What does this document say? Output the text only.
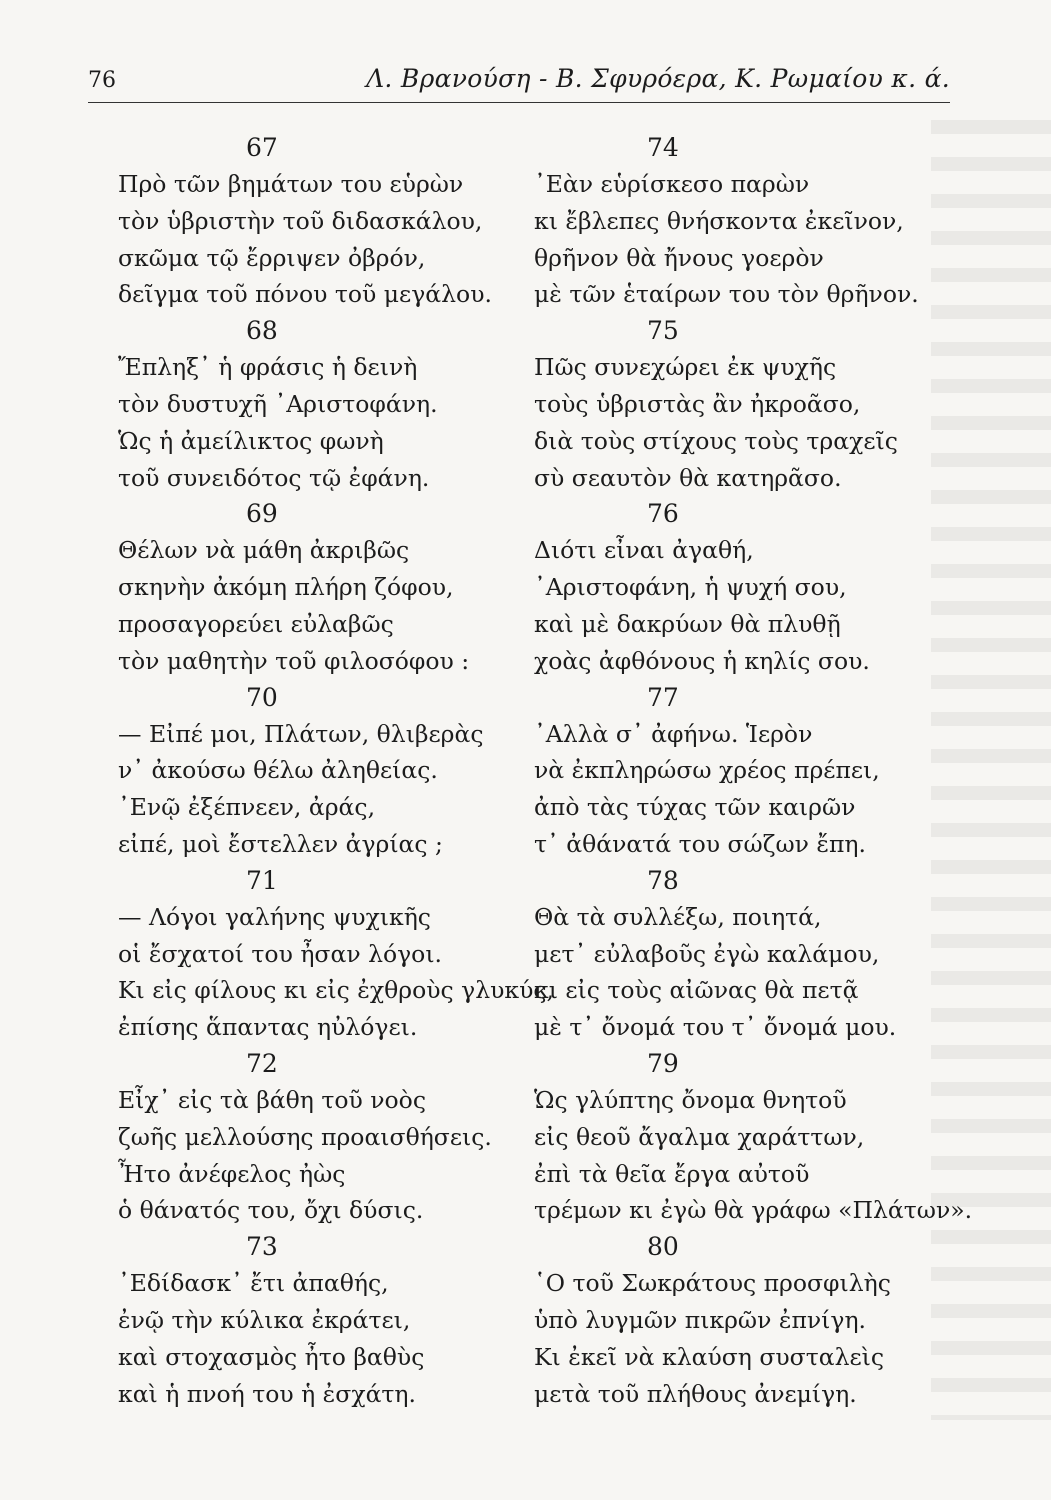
76	Λ. Βρανούση - Β. Σφυρόερα, Κ. Ρωμαίου κ. ά.
67
Πρὸ τῶν βημάτων του εὑρὼν
τὸν ὑβριστὴν τοῦ διδασκάλου,
σκῶμα τῷ ἔρριψεν ὀβρόν,
δεῖγμα τοῦ πόνου τοῦ μεγάλου.
68
Ἔπληξ᾽ ἡ φράσις ἡ δεινὴ
τὸν δυστυχῆ ᾽Αριστοφάνη.
Ὡς ἡ ἀμείλικτος φωνὴ
τοῦ συνειδότος τῷ ἐφάνη.
69
Θέλων νὰ μάθη ἀκριβῶς
σκηνὴν ἀκόμη πλήρη ζόφου,
προσαγορεύει εὐλαβῶς
τὸν μαθητὴν τοῦ φιλοσόφου :
70
— Εἰπέ μοι, Πλάτων, θλιβερὰς
ν᾽ ἀκούσω θέλω ἀληθείας.
᾽Ενῷ ἐξέπνεεν, ἀράς,
εἰπέ, μοὶ ἔστελλεν ἀγρίας ;
71
— Λόγοι γαλήνης ψυχικῆς
οἱ ἔσχατοί του ἦσαν λόγοι.
Κι εἰς φίλους κι εἰς ἐχθροὺς γλυκύς,
ἐπίσης ἅπαντας ηὐλόγει.
72
Εἶχ᾽ εἰς τὰ βάθη τοῦ νοὸς
ζωῆς μελλούσης προαισθήσεις.
Ἦτο ἀνέφελος ἠὼς
ὁ θάνατός του, ὄχι δύσις.
73
᾽Εδίδασκ᾽ ἔτι ἀπαθής,
ἐνῷ τὴν κύλικα ἐκράτει,
καὶ στοχασμὸς ἦτο βαθὺς
καὶ ἡ πνοή του ἡ ἐσχάτη.
74
᾽Εὰν εὑρίσκεσο παρὼν
κι ἔβλεπες θνήσκοντα ἐκεῖνον,
θρῆνον θὰ ἤνους γοερὸν
μὲ τῶν ἑταίρων του τὸν θρῆνον.
75
Πῶς συνεχώρει ἐκ ψυχῆς
τοὺς ὑβριστὰς ἂν ἠκροᾶσο,
διὰ τοὺς στίχους τοὺς τραχεῖς
σὺ σεαυτὸν θὰ κατηρᾶσο.
76
Διότι εἶναι ἀγαθή,
᾽Αριστοφάνη, ἡ ψυχή σου,
καὶ μὲ δακρύων θὰ πλυθῇ
χοὰς ἀφθόνους ἡ κηλίς σου.
77
᾽Αλλὰ σ᾽ ἀφήνω. Ἱερὸν
νὰ ἐκπληρώσω χρέος πρέπει,
ἀπὸ τὰς τύχας τῶν καιρῶν
τ᾽ ἀθάνατά του σώζων ἔπη.
78
Θὰ τὰ συλλέξω, ποιητά,
μετ᾽ εὐλαβοῦς ἐγὼ καλάμου,
κι εἰς τοὺς αἰῶνας θὰ πετᾷ
μὲ τ᾽ ὄνομά του τ᾽ ὄνομά μου.
79
Ὡς γλύπτης ὄνομα θνητοῦ
εἰς θεοῦ ἄγαλμα χαράττων,
ἐπὶ τὰ θεῖα ἔργα αὐτοῦ
τρέμων κι ἐγὼ θὰ γράφω «Πλάτων».
80
῾Ο τοῦ Σωκράτους προσφιλὴς
ὑπὸ λυγμῶν πικρῶν ἐπνίγη.
Κι ἐκεῖ νὰ κλαύση συσταλεὶς
μετὰ τοῦ πλήθους ἀνεμίγη.
